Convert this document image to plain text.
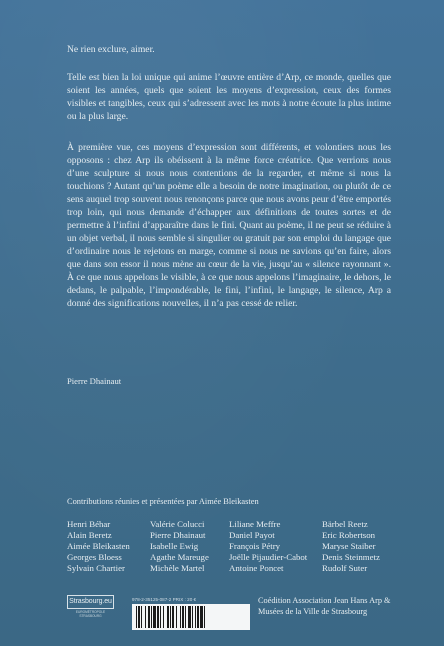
Ne rien exclure, aimer.

Telle est bien la loi unique qui anime l’œuvre entière d’Arp, ce monde, quelles que soient les années, quels que soient les moyens d’expression, ceux des formes visibles et tangibles, ceux qui s’adressent avec les mots à notre écoute la plus intime ou la plus large.

À première vue, ces moyens d’expression sont différents, et volontiers nous les opposons : chez Arp ils obéissent à la même force créatrice. Que verrions nous d’une sculpture si nous nous contentions de la regarder, et même si nous la touchions ? Autant qu’un poème elle a besoin de notre imagination, ou plutôt de ce sens auquel trop souvent nous renonçons parce que nous avons peur d’être emportés trop loin, qui nous demande d’échapper aux définitions de toutes sortes et de permettre à l’infini d’apparaître dans le fini. Quant au poème, il ne peut se réduire à un objet verbal, il nous semble si singulier ou gratuit par son emploi du langage que d’ordinaire nous le rejetons en marge, comme si nous ne savions qu’en faire, alors que dans son essor il nous mène au cœur de la vie, jusqu’au « silence rayonnant ». À ce que nous appelons le visible, à ce que nous appelons l’imaginaire, le dehors, le dedans, le palpable, l’impondérable, le fini, l’infini, le langage, le silence, Arp a donné des significations nouvelles, il n’a pas cessé de relier.

Pierre Dhainaut
Contributions réunies et présentées par Aimée Bleikasten
Henri Béhar
Alain Beretz
Aimée Bleikasten
Georges Bloess
Sylvain Chartier
Valérie Colucci
Pierre Dhainaut
Isabelle Ewig
Agathe Mareuge
Michèle Martel
Liliane Meffre
Daniel Payot
François Pétry
Joëlle Pijaudier-Cabot
Antoine Poncet
Bärbel Reetz
Eric Robertson
Maryse Staiber
Denis Steinmetz
Rudolf Suter
Strasbourg.eu
EUROMÉTROPOLE STRASBOURG
978-2-35125-087-2 PRIX : 20 €	Coédition Association Jean Hans Arp & Musées de la Ville de Strasbourg
